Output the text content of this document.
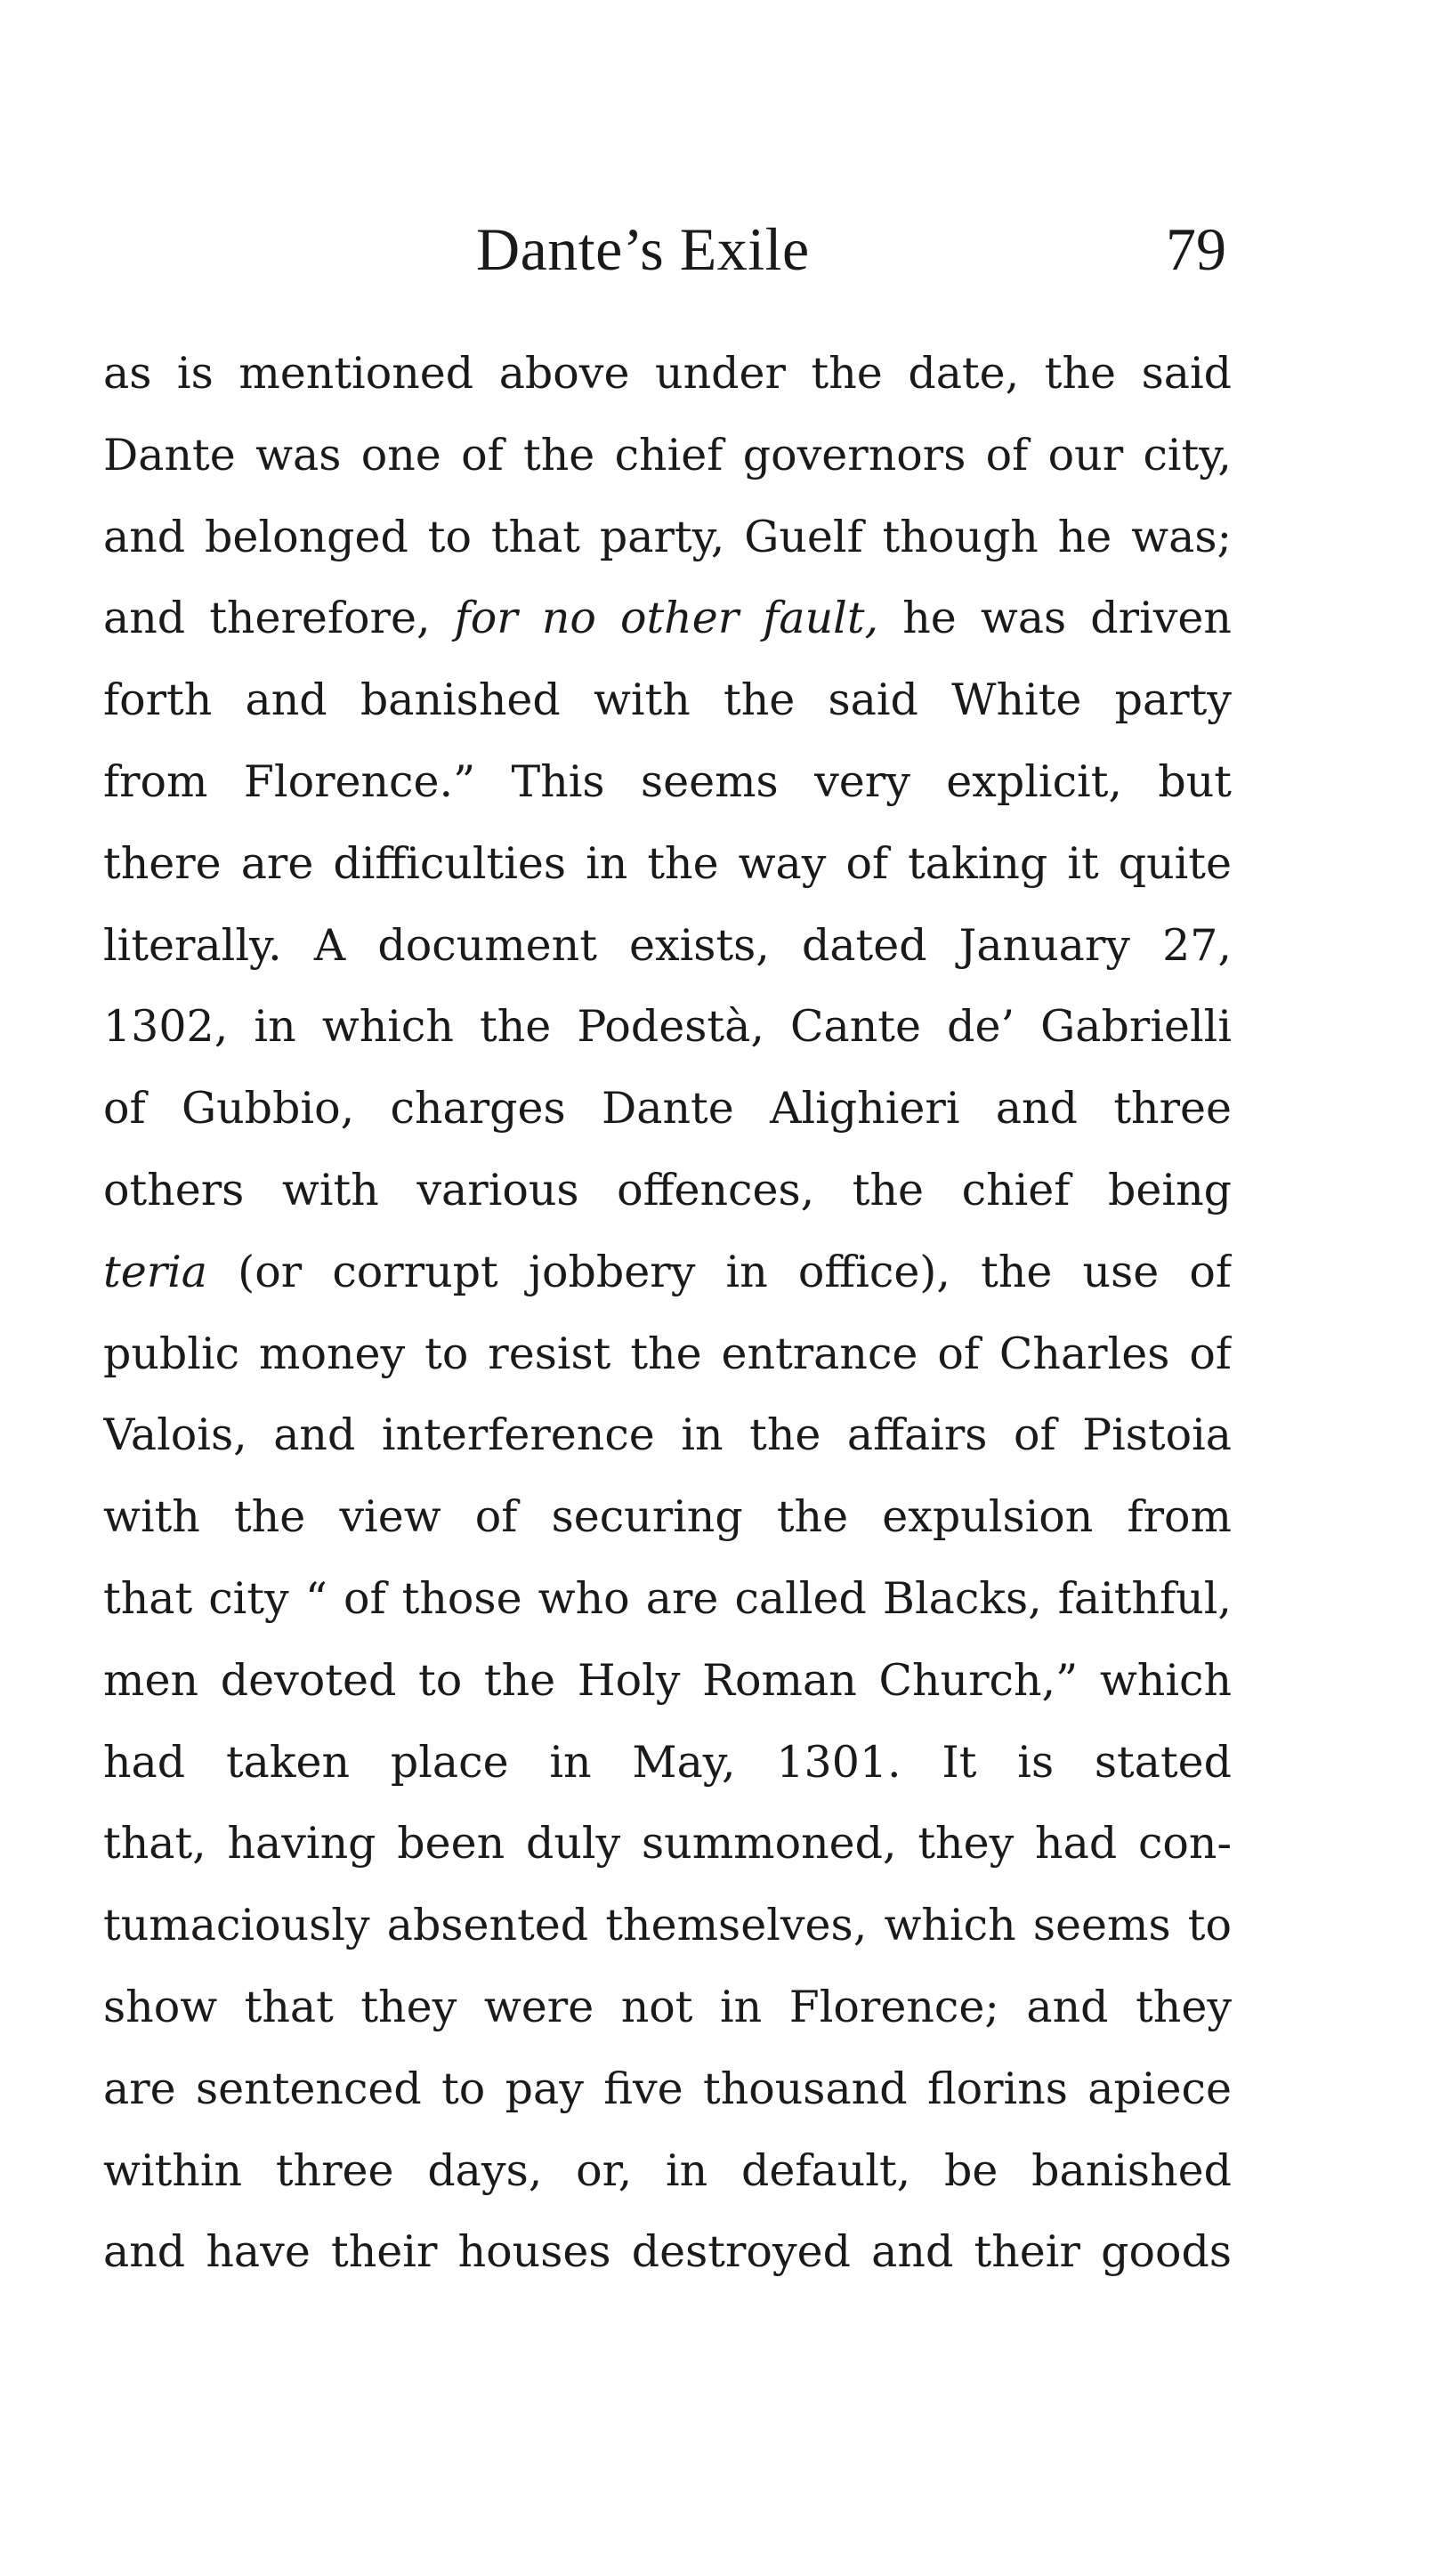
Dante’s Exile	79
as is mentioned above under the date, the said
Dante was one of the chief governors of our city,
and belonged to that party, Guelf though he was;
and therefore, for no other fault, he was driven
forth and banished with the said White party
from Florence.” This seems very explicit, but
there are difficulties in the way of taking it quite
literally. A document exists, dated January 27,
1302, in which the Podestà, Cante de’ Gabrielli
of Gubbio, charges Dante Alighieri and three
others with various offences, the chief being
teria (or corrupt jobbery in office), the use of
public money to resist the entrance of Charles of
Valois, and interference in the affairs of Pistoia
with the view of securing the expulsion from
that city “ of those who are called Blacks, faithful,
men devoted to the Holy Roman Church,” which
had taken place in May, 1301. It is stated
that, having been duly summoned, they had con-
tumaciously absented themselves, which seems to
show that they were not in Florence; and they
are sentenced to pay five thousand florins apiece
within three days, or, in default, be banished
and have their houses destroyed and their goods
